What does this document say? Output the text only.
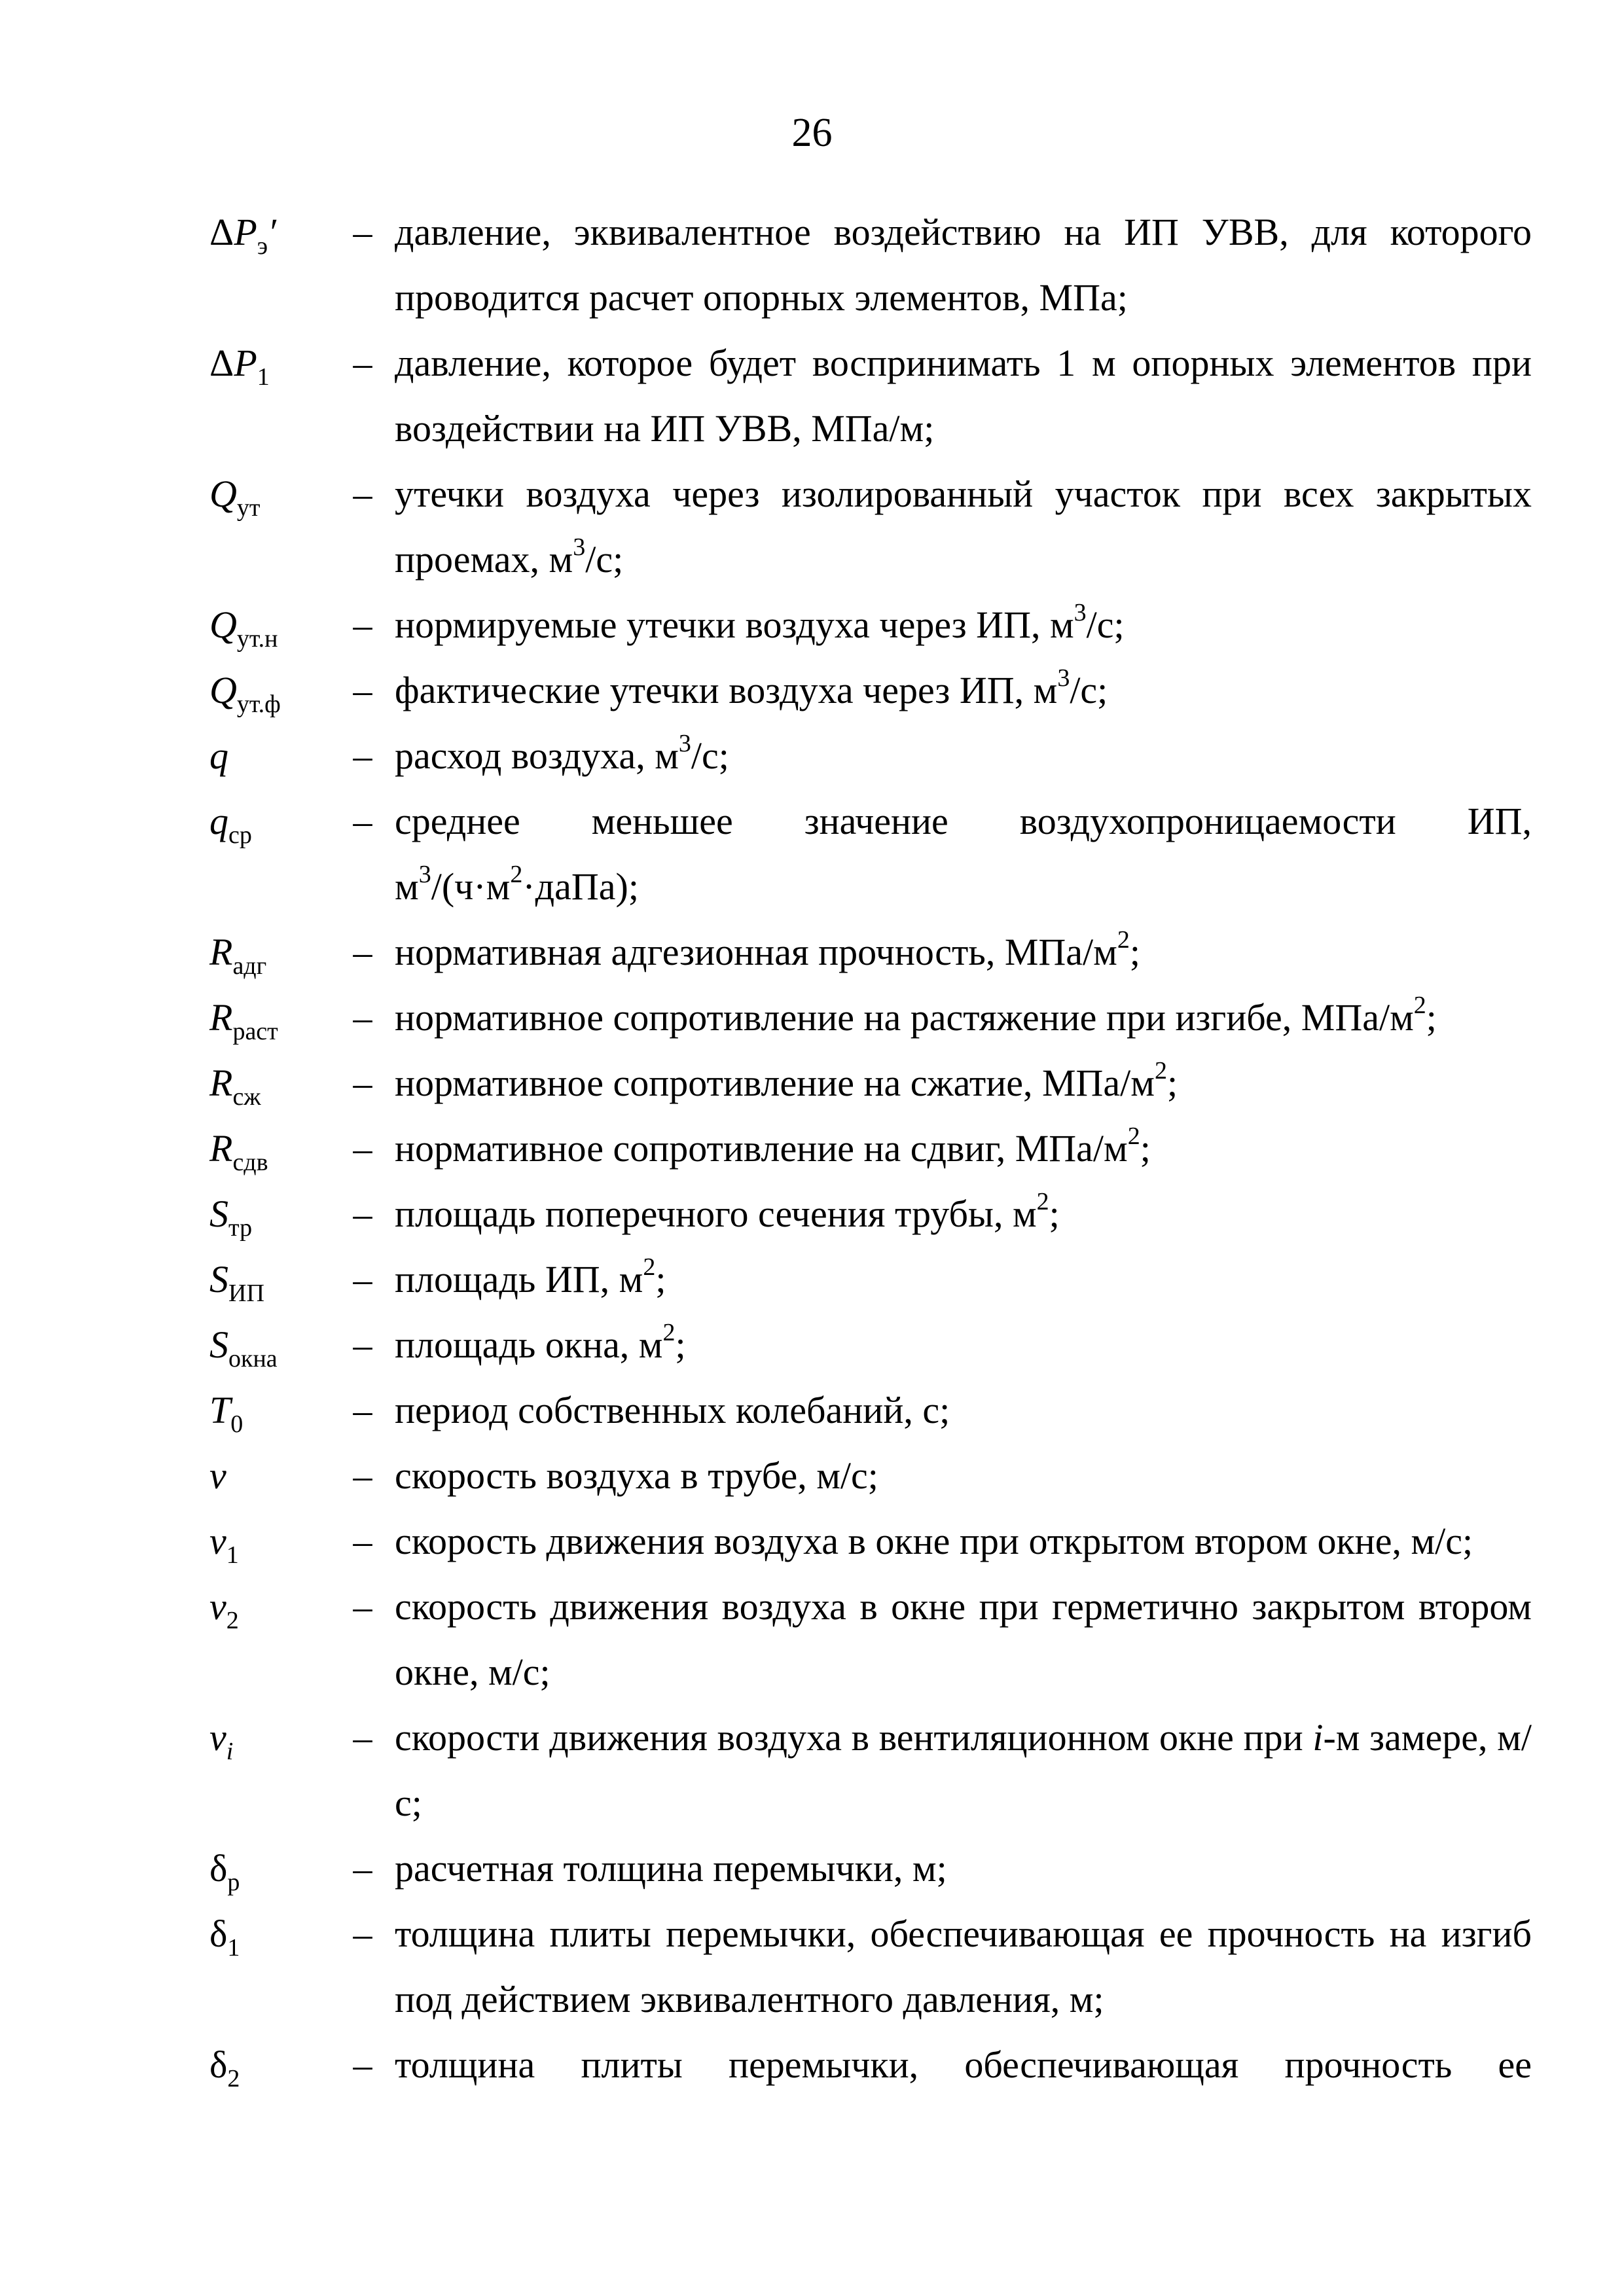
26
$\Delta P_э'$	– давление, эквивалентное воздействию на ИП УВВ, для которого проводится расчет опорных элементов, МПа;
$\Delta P_1$	– давление, которое будет воспринимать 1 м опорных элементов при воздействии на ИП УВВ, МПа/м;
$Q_{ут}$	– утечки воздуха через изолированный участок при всех закрытых проемах, $м^3/с$;
$Q_{ут.н}$	– нормируемые утечки воздуха через ИП, $м^3/с$;
$Q_{ут.ф}$	– фактические утечки воздуха через ИП, $м^3/с$;
q	– расход воздуха, $м^3/с$;
$q_{ср}$	– среднее меньшее значение воздухопроницаемости ИП, $м^3/(ч\cdot м^2\cdot даПа)$;
$R_{адг}$	– нормативная адгезионная прочность, МПа/$м^2$;
$R_{раст}$	– нормативное сопротивление на растяжение при изгибе, МПа/$м^2$;
$R_{сж}$	– нормативное сопротивление на сжатие, МПа/$м^2$;
$R_{сдв}$	– нормативное сопротивление на сдвиг, МПа/$м^2$;
$S_{тр}$	– площадь поперечного сечения трубы, $м^2$;
$S_{ИП}$	– площадь ИП, $м^2$;
$S_{окна}$	– площадь окна, $м^2$;
$T_0$	– период собственных колебаний, с;
v	– скорость воздуха в трубе, м/с;
$v_1$	– скорость движения воздуха в окне при открытом втором окне, м/с;
$v_2$	– скорость движения воздуха в окне при герметично закрытом втором окне, м/с;
$v_i$	– скорости движения воздуха в вентиляционном окне при i-м замере, м/с;
$\delta_р$	– расчетная толщина перемычки, м;
$\delta_1$	– толщина плиты перемычки, обеспечивающая ее прочность на изгиб под действием эквивалентного давления, м;
$\delta_2$	– толщина плиты перемычки, обеспечивающая прочность ее
